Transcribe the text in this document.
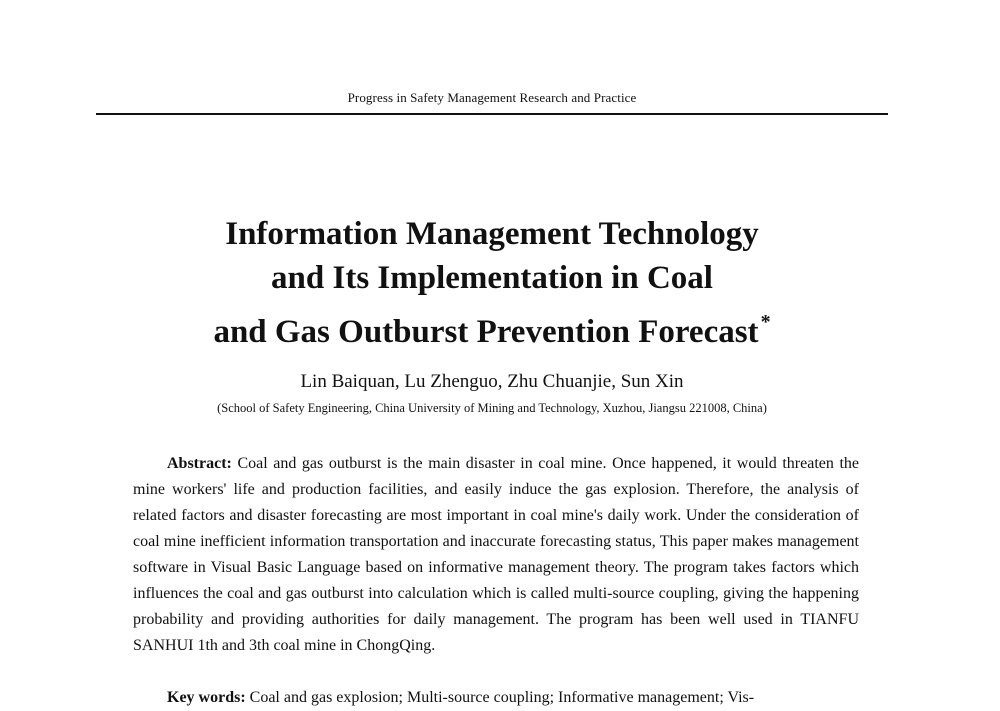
Progress in Safety Management Research and Practice
Information Management Technology
and Its Implementation in Coal
and Gas Outburst Prevention Forecast *
Lin Baiquan, Lu Zhenguo, Zhu Chuanjie, Sun Xin
(School of Safety Engineering, China University of Mining and Technology, Xuzhou, Jiangsu 221008, China)

Abstract: Coal and gas outburst is the main disaster in coal mine. Once happened, it would threaten the mine workers' life and production facilities, and easily induce the gas explosion. Therefore, the analysis of related factors and disaster forecasting are most important in coal mine's daily work. Under the consideration of coal mine inefficient information transportation and inaccurate forecasting status, This paper makes management software in Visual Basic Language based on informative management theory. The program takes factors which influences the coal and gas outburst into calculation which is called multi-source coupling, giving the happening probability and providing authorities for daily management. The program has been well used in TIANFU SANHUI 1th and 3th coal mine in ChongQing.

Key words: Coal and gas explosion; Multi-source coupling; Informative management; Vis-
